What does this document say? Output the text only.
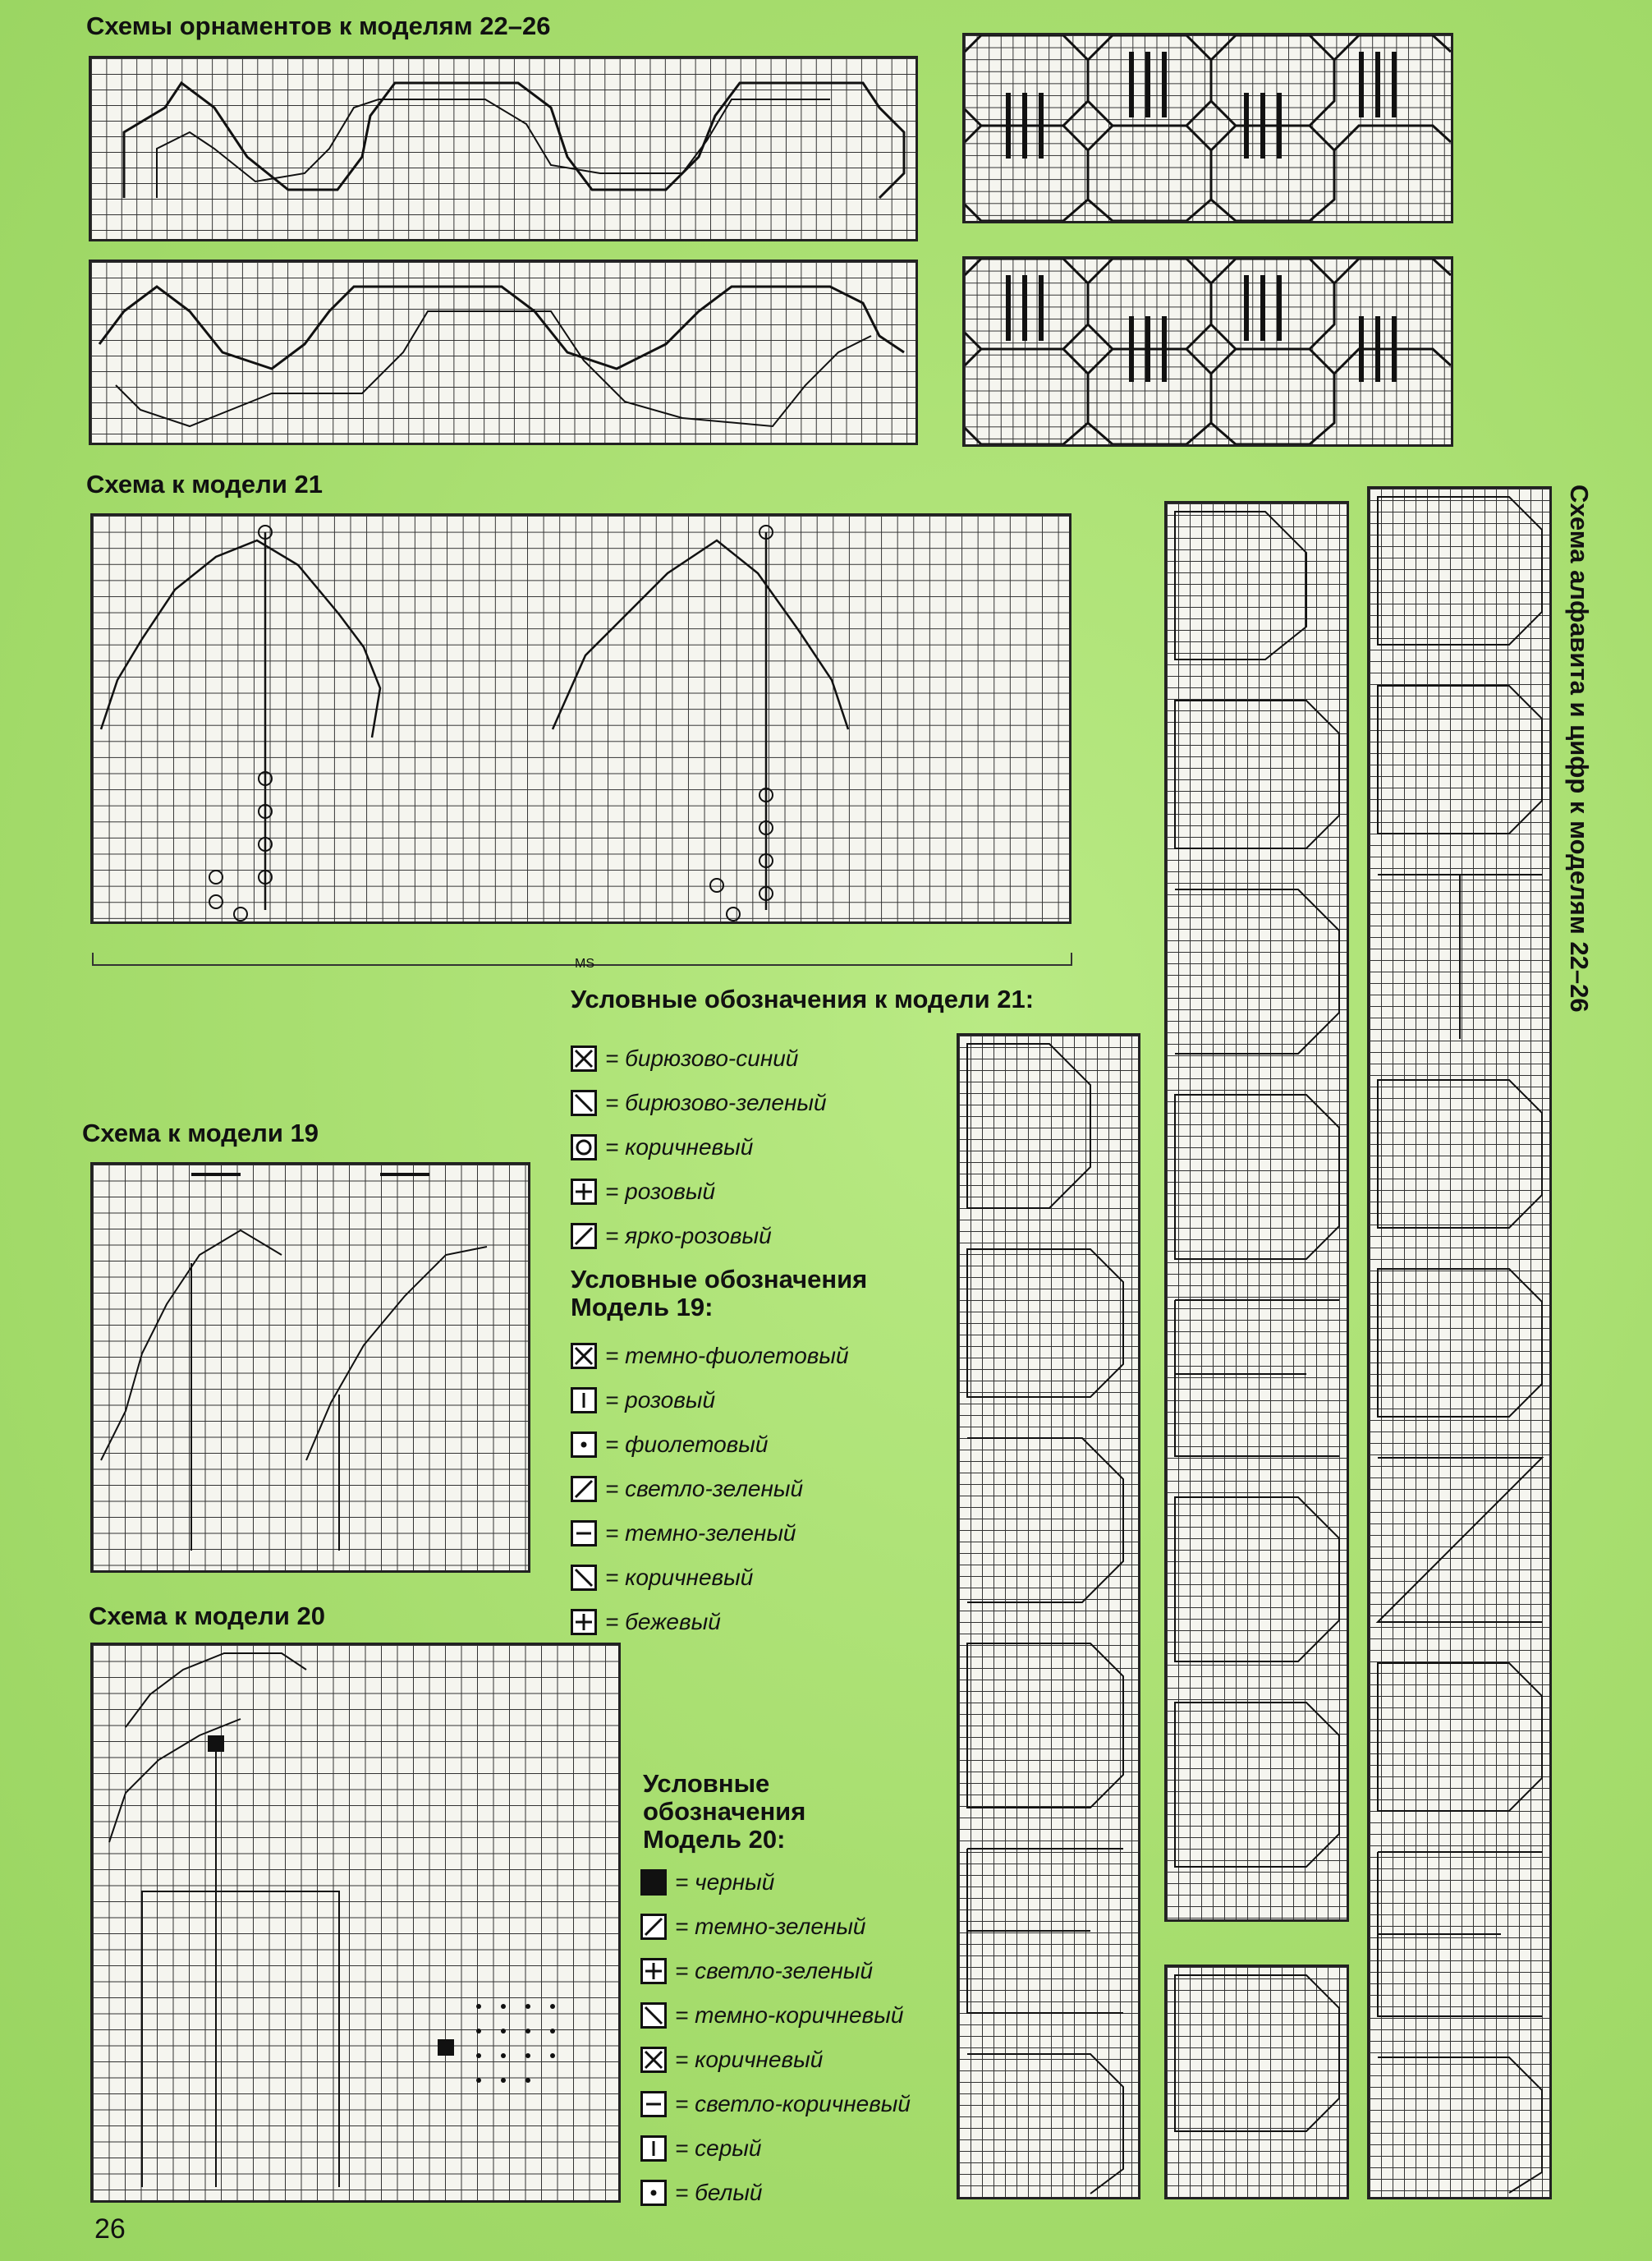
Схемы орнаментов к моделям 22–26
Схема к модели 21
Схема к модели 19
Схема к модели 20
Схема алфавита и цифр к моделям 22–26
MS
Условные обозначения к модели 21:
= бирюзово-синий
= бирюзово-зеленый
= коричневый
= розовый
= ярко-розовый
Условные обозначения
Модель 19:
= темно-фиолетовый
= розовый
= фиолетовый
= светло-зеленый
= темно-зеленый
= коричневый
= бежевый
Условные
обозначения
Модель 20:
= черный
= темно-зеленый
= светло-зеленый
= темно-коричневый
= коричневый
= светло-коричневый
= серый
= белый
26
